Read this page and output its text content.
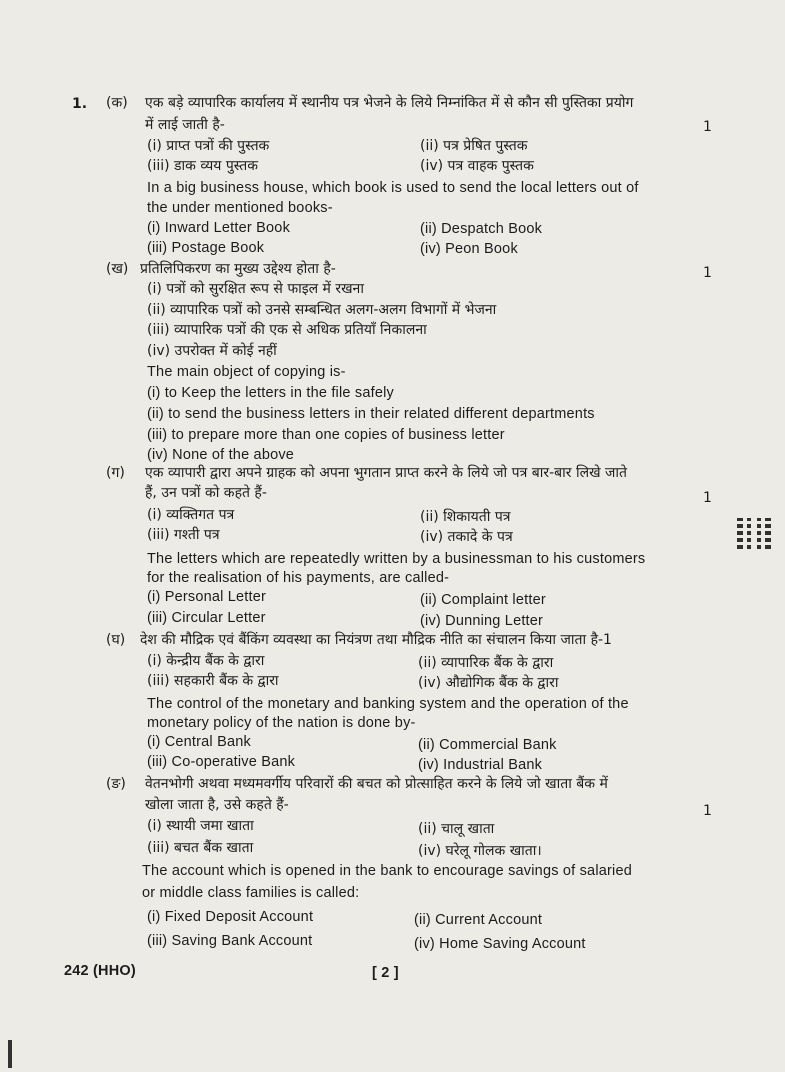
1. (क) एक बड़े व्यापारिक कार्यालय में स्थानीय पत्र भेजने के लिये निम्नांकित में से कौन सी पुस्तिका प्रयोग
में लाई जाती है-	1
(i) प्राप्त पत्रों की पुस्तक	(ii) पत्र प्रेषित पुस्तक
(iii) डाक व्यय पुस्तक	(iv) पत्र वाहक पुस्तक
In a big business house, which book is used to send the local letters out of
the under mentioned books-
(i) Inward Letter Book	(ii) Despatch Book
(iii) Postage Book	(iv) Peon Book
(ख) प्रतिलिपिकरण का मुख्य उद्देश्य होता है-	1
(i) पत्रों को सुरक्षित रूप से फाइल में रखना
(ii) व्यापारिक पत्रों को उनसे सम्बन्धित अलग-अलग विभागों में भेजना
(iii) व्यापारिक पत्रों की एक से अधिक प्रतियाँ निकालना
(iv) उपरोक्त में कोई नहीं
The main object of copying is-
(i) to Keep the letters in the file safely
(ii) to send the business letters in their related different departments
(iii) to prepare more than one copies of business letter
(iv) None of the above
(ग) एक व्यापारी द्वारा अपने ग्राहक को अपना भुगतान प्राप्त करने के लिये जो पत्र बार-बार लिखे जाते
हैं, उन पत्रों को कहते हैं-	1
(i) व्यक्तिगत पत्र	(ii) शिकायती पत्र
(iii) गश्ती पत्र	(iv) तकादे के पत्र
The letters which are repeatedly written by a businessman to his customers
for the realisation of his payments, are called-
(i) Personal Letter	(ii) Complaint letter
(iii) Circular Letter	(iv) Dunning Letter
(घ) देश की मौद्रिक एवं बैंकिंग व्यवस्था का नियंत्रण तथा मौद्रिक नीति का संचालन किया जाता है-1
(i) केन्द्रीय बैंक के द्वारा	(ii) व्यापारिक बैंक के द्वारा
(iii) सहकारी बैंक के द्वारा	(iv) औद्योगिक बैंक के द्वारा
The control of the monetary and banking system and the operation of the
monetary policy of the nation is done by-
(i) Central Bank	(ii) Commercial Bank
(iii) Co-operative Bank	(iv) Industrial Bank
(ङ) वेतनभोगी अथवा मध्यमवर्गीय परिवारों की बचत को प्रोत्साहित करने के लिये जो खाता बैंक में
खोला जाता है, उसे कहते हैं-	1
(i) स्थायी जमा खाता	(ii) चालू खाता
(iii) बचत बैंक खाता	(iv) घरेलू गोलक खाता।
The account which is opened in the bank to encourage savings of salaried
or middle class families is called:
(i) Fixed Deposit Account	(ii) Current Account
(iii) Saving Bank Account	(iv) Home Saving Account
242 (HHO)	[ 2 ]
